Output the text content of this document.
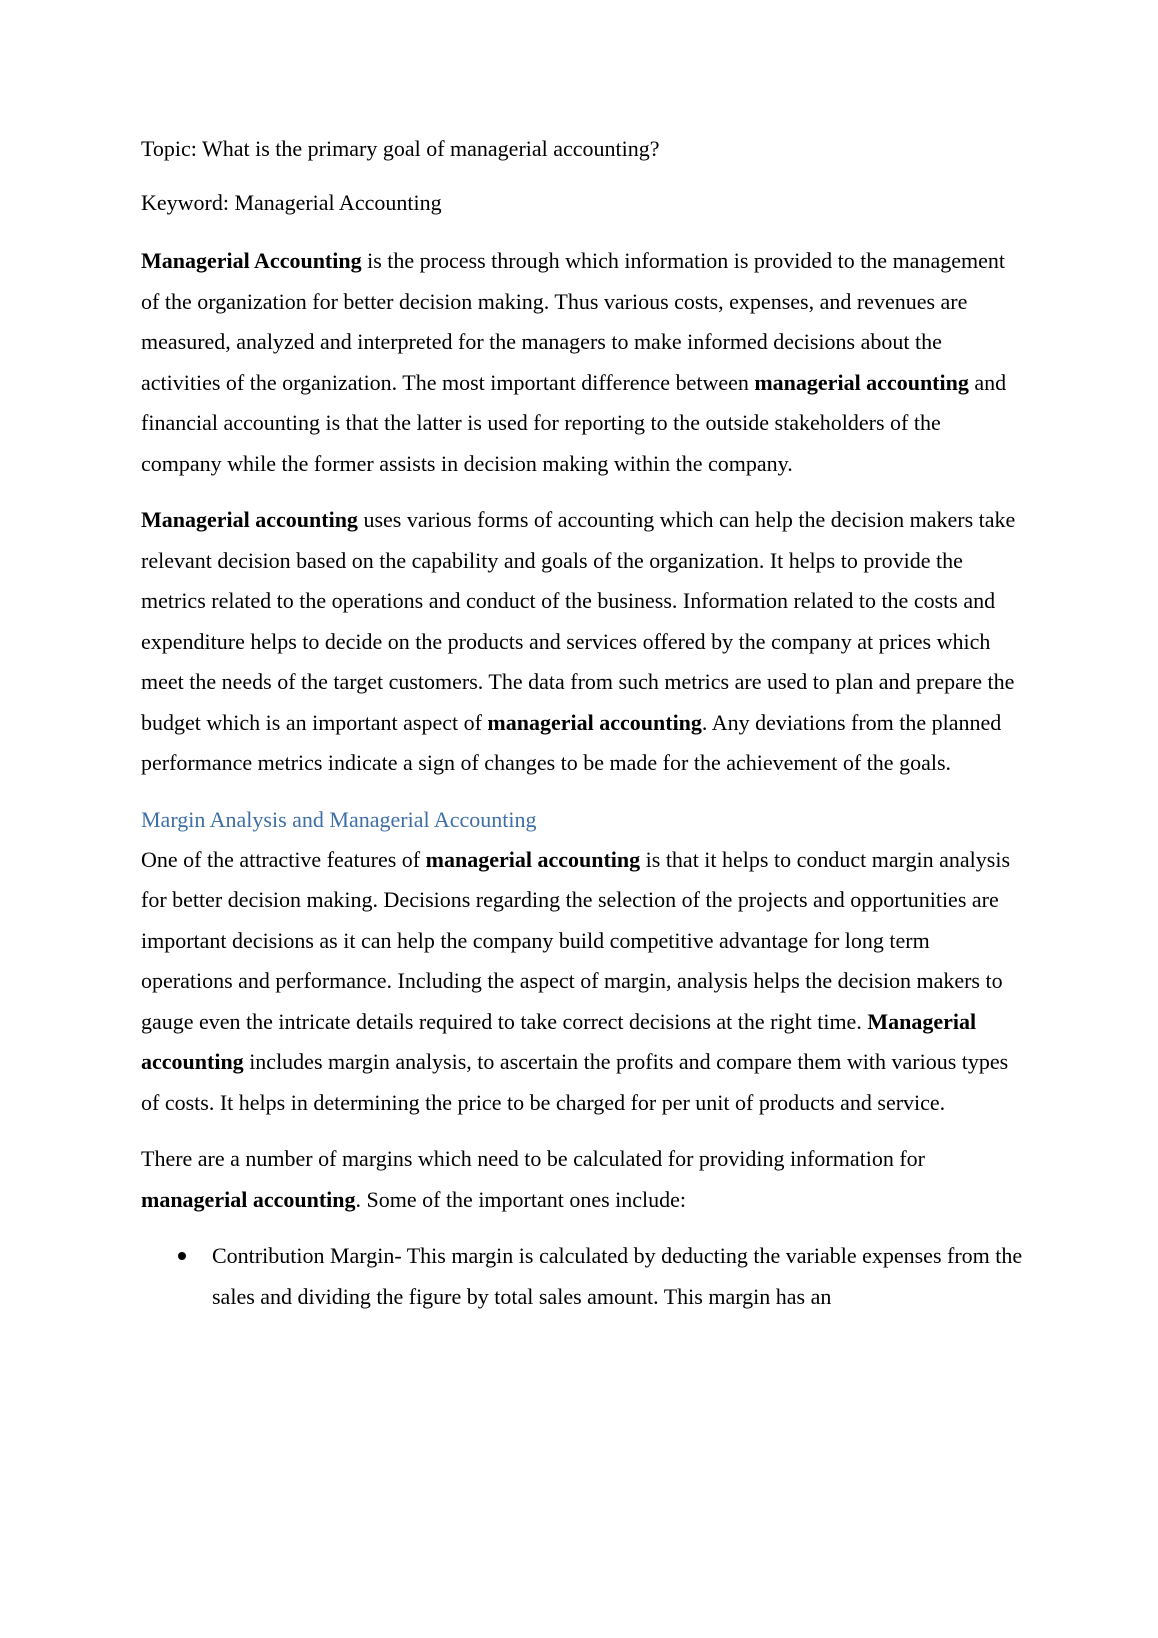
Topic: What is the primary goal of managerial accounting?

Keyword: Managerial Accounting

Managerial Accounting is the process through which information is provided to the management of the organization for better decision making. Thus various costs, expenses, and revenues are measured, analyzed and interpreted for the managers to make informed decisions about the activities of the organization. The most important difference between managerial accounting and financial accounting is that the latter is used for reporting to the outside stakeholders of the company while the former assists in decision making within the company.

Managerial accounting uses various forms of accounting which can help the decision makers take relevant decision based on the capability and goals of the organization. It helps to provide the metrics related to the operations and conduct of the business. Information related to the costs and expenditure helps to decide on the products and services offered by the company at prices which meet the needs of the target customers. The data from such metrics are used to plan and prepare the budget which is an important aspect of managerial accounting. Any deviations from the planned performance metrics indicate a sign of changes to be made for the achievement of the goals.

Margin Analysis and Managerial Accounting

One of the attractive features of managerial accounting is that it helps to conduct margin analysis for better decision making. Decisions regarding the selection of the projects and opportunities are important decisions as it can help the company build competitive advantage for long term operations and performance. Including the aspect of margin, analysis helps the decision makers to gauge even the intricate details required to take correct decisions at the right time. Managerial accounting includes margin analysis, to ascertain the profits and compare them with various types of costs. It helps in determining the price to be charged for per unit of products and service.

There are a number of margins which need to be calculated for providing information for managerial accounting. Some of the important ones include:

Contribution Margin- This margin is calculated by deducting the variable expenses from the sales and dividing the figure by total sales amount. This margin has an
